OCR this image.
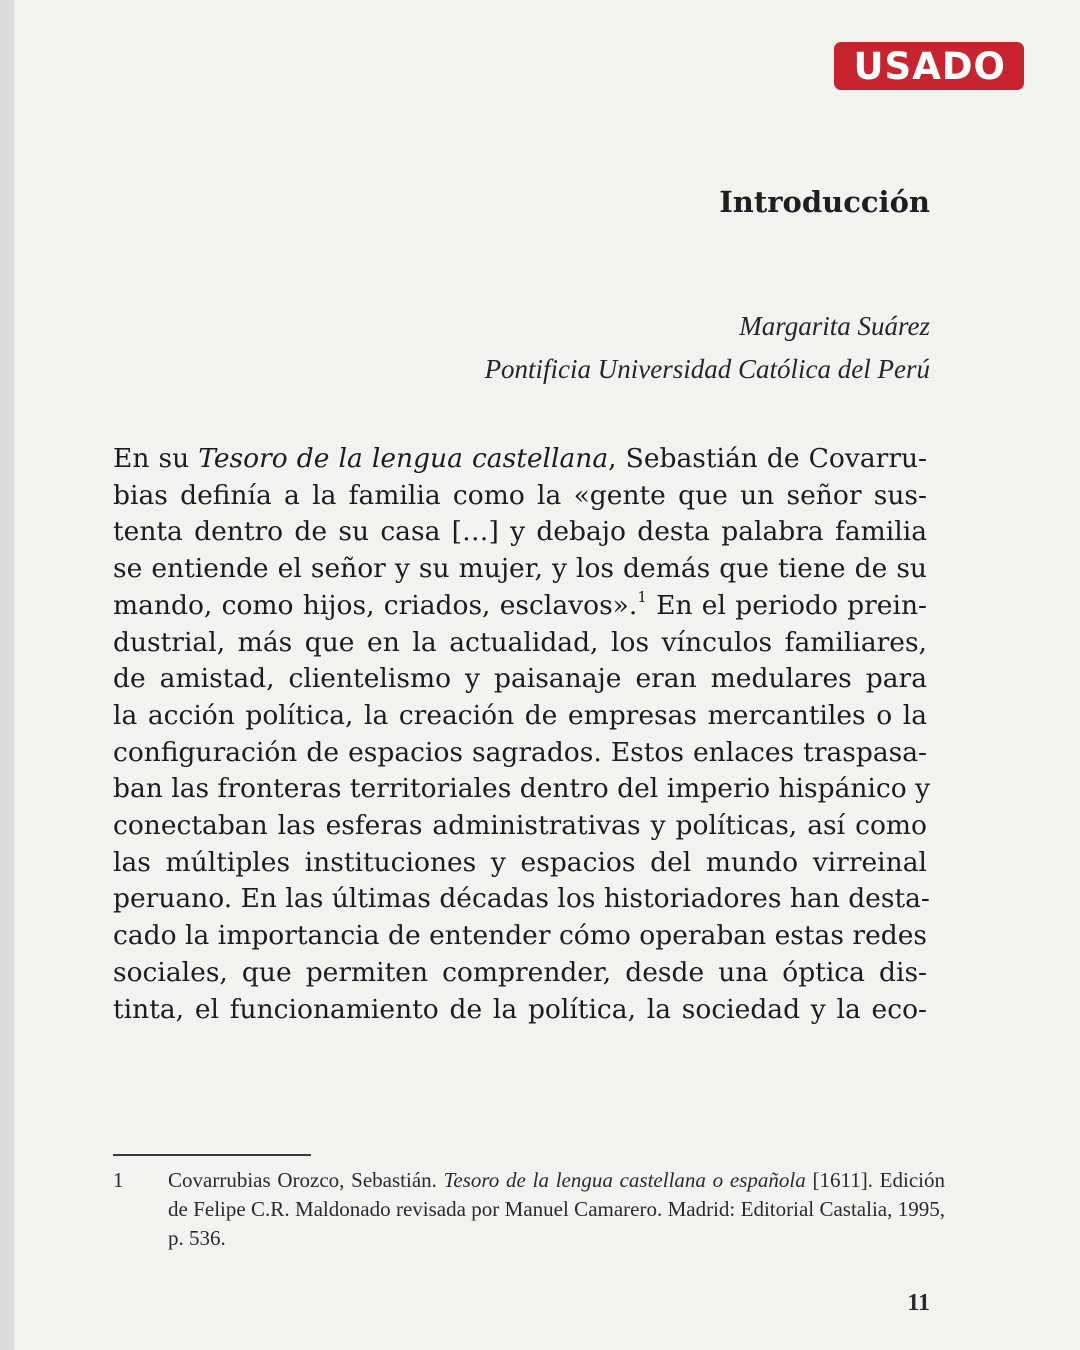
USADO
Introducción
Margarita Suárez
Pontificia Universidad Católica del Perú

En su Tesoro de la lengua castellana, Sebastián de Covarru-
bias definía a la familia como la «gente que un señor sus-
tenta dentro de su casa […] y debajo desta palabra familia
se entiende el señor y su mujer, y los demás que tiene de su
mando, como hijos, criados, esclavos».$^1$ En el periodo prein-
dustrial, más que en la actualidad, los vínculos familiares,
de amistad, clientelismo y paisanaje eran medulares para
la acción política, la creación de empresas mercantiles o la
configuración de espacios sagrados. Estos enlaces traspasa-
ban las fronteras territoriales dentro del imperio hispánico y
conectaban las esferas administrativas y políticas, así como
las múltiples instituciones y espacios del mundo virreinal
peruano. En las últimas décadas los historiadores han desta-
cado la importancia de entender cómo operaban estas redes
sociales, que permiten comprender, desde una óptica dis-
tinta, el funcionamiento de la política, la sociedad y la eco-

1 Covarrubias Orozco, Sebastián. Tesoro de la lengua castellana o española [1611]. Edición de Felipe C.R. Maldonado revisada por Manuel Camarero. Madrid: Editorial Castalia, 1995, p. 536.
11
